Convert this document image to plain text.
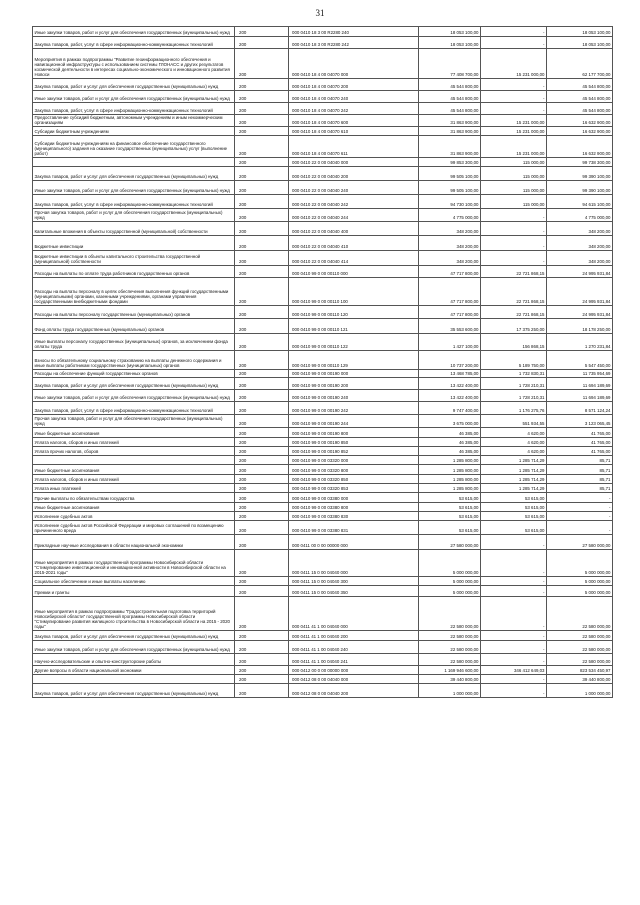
31
Иные закупки товаров, работ и услуг для обеспечения государственных (муниципальных) нужд	200	000 0410 18 3 00 R2280 240	18 053 100,00	-	18 053 100,00
Закупка товаров, работ, услуг в сфере информационно-коммуникационных технологий	200	000 0410 18 3 00 R2280 242	18 053 100,00	-	18 053 100,00
Мероприятия в рамках подпрограммы "Развитие геоинформационного обеспечения и навигационной инфраструктуры с использованием системы ГЛОНАСС и других результатов космической деятельности в интересах социально-экономического и инновационного развития Новоси	200	000 0410 18 4 00 04070 000	77 408 700,00	15 231 000,00	62 177 700,00
Закупка товаров, работ и услуг для обеспечения государственных (муниципальных) нужд	200	000 0410 18 4 00 04070 200	45 544 800,00	-	45 544 800,00
Иные закупки товаров, работ и услуг для обеспечения государственных (муниципальных) нужд	200	000 0410 18 4 00 04070 240	45 544 800,00	-	45 544 800,00
Закупка товаров, работ, услуг в сфере информационно-коммуникационных технологий	200	000 0410 18 4 00 04070 242	45 544 800,00	-	45 544 800,00
Предоставление субсидий бюджетным, автономным учреждениям и иным некоммерческим организациям	200	000 0410 18 4 00 04070 600	31 863 900,00	15 231 000,00	16 632 900,00
Субсидии бюджетным учреждениям	200	000 0410 18 4 00 04070 610	31 863 900,00	15 231 000,00	16 632 900,00
Субсидии бюджетным учреждениям на финансовое обеспечение государственного (муниципального) задания на оказание государственных (муниципальных) услуг (выполнение работ)	200	000 0410 18 4 00 04070 611	31 863 900,00	15 231 000,00	16 632 900,00
	200	000 0410 22 0 00 04040 000	99 853 300,00	115 000,00	99 738 300,00
Закупка товаров, работ и услуг для обеспечения государственных (муниципальных) нужд	200	000 0410 22 0 00 04040 200	99 505 100,00	115 000,00	99 390 100,00
Иные закупки товаров, работ и услуг для обеспечения государственных (муниципальных) нужд	200	000 0410 22 0 00 04040 240	99 505 100,00	115 000,00	99 390 100,00
Закупка товаров, работ, услуг в сфере информационно-коммуникационных технологий	200	000 0410 22 0 00 04040 242	94 730 100,00	115 000,00	94 615 100,00
Прочая закупка товаров, работ и услуг для обеспечения государственных (муниципальных) нужд	200	000 0410 22 0 00 04040 244	4 775 000,00	-	4 775 000,00
Капитальные вложения в объекты государственной (муниципальной) собственности	200	000 0410 22 0 00 04040 400	348 200,00	-	348 200,00
Бюджетные инвестиции	200	000 0410 22 0 00 04040 410	348 200,00	-	348 200,00
Бюджетные инвестиции в объекты капитального строительства государственной (муниципальной) собственности	200	000 0410 22 0 00 04040 414	348 200,00	-	348 200,00
Расходы на выплаты по оплате труда работников государственных органов	200	000 0410 99 0 00 00110 000	47 717 800,00	22 721 868,15	24 995 931,84
Расходы на выплаты персоналу в целях обеспечения выполнения функций государственными (муниципальными) органами, казенными учреждениями, органами управления государственными внебюджетными фондами	200	000 0410 99 0 00 00110 100	47 717 800,00	22 721 868,15	24 995 931,84
Расходы на выплаты персоналу государственных (муниципальных) органов	200	000 0410 99 0 00 00110 120	47 717 800,00	22 721 868,15	24 995 931,84
Фонд оплаты труда государственных (муниципальных) органов	200	000 0410 99 0 00 00110 121	35 553 600,00	17 375 250,00	18 178 250,00
Иные выплаты персоналу государственных (муниципальных) органов, за исключением фонда оплаты труда	200	000 0410 99 0 00 00110 122	1 427 100,00	156 868,15	1 270 231,84
Взносы по обязательному социальному страхованию на выплаты денежного содержания и иные выплаты работникам государственных (муниципальных) органов	200	000 0410 99 0 00 00110 129	10 737 200,00	5 189 750,00	5 547 450,00
Расходы на обеспечение функций государственных органов	200	000 0410 99 0 00 00190 000	13 468 785,00	1 732 830,31	11 735 954,69
Закупка товаров, работ и услуг для обеспечения государственных (муниципальных) нужд	200	000 0410 99 0 00 00190 200	13 422 400,00	1 728 210,31	11 694 189,69
Иные закупки товаров, работ и услуг для обеспечения государственных (муниципальных) нужд	200	000 0410 99 0 00 00190 240	13 422 400,00	1 728 210,31	11 694 189,69
Закупка товаров, работ, услуг в сфере информационно-коммуникационных технологий	200	000 0410 99 0 00 00190 242	9 747 400,00	1 176 275,76	8 571 124,24
Прочая закупка товаров, работ и услуг для обеспечения государственных (муниципальных) нужд	200	000 0410 99 0 00 00190 244	3 675 000,00	551 934,55	3 123 065,45
Иные бюджетные ассигнования	200	000 0410 99 0 00 00190 800	46 385,00	4 620,00	41 765,00
Уплата налогов, сборов и иных платежей	200	000 0410 99 0 00 00190 850	46 385,00	4 620,00	41 765,00
Уплата прочих налогов, сборов	200	000 0410 99 0 00 00190 852	46 385,00	4 620,00	41 765,00
	200	000 0410 99 0 00 03320 000	1 285 800,00	1 285 714,29	85,71
Иные бюджетные ассигнования	200	000 0410 99 0 00 03320 800	1 285 800,00	1 285 714,29	85,71
Уплата налогов, сборов и иных платежей	200	000 0410 99 0 00 03320 850	1 285 800,00	1 285 714,29	85,71
Уплата иных платежей	200	000 0410 99 0 00 03320 853	1 285 800,00	1 285 714,29	85,71
Прочие выплаты по обязательствам государства	200	000 0410 99 0 00 03380 000	53 615,00	53 615,00	-
Иные бюджетные ассигнования	200	000 0410 99 0 00 03380 800	53 615,00	53 615,00	-
Исполнение судебных актов	200	000 0410 99 0 00 03380 830	53 615,00	53 615,00	-
Исполнение судебных актов Российской Федерации и мировых соглашений по возмещению причиненного вреда	200	000 0410 99 0 00 03380 831	53 615,00	53 615,00	-
Прикладные научные исследования в области национальной экономики	200	000 0411 00 0 00 00000 000	27 580 000,00	-	27 580 000,00
Иные мероприятия в рамках государственной программы Новосибирской области "Стимулирование инвестиционной и инновационной активности в Новосибирской области на 2015-2021 годы"	200	000 0411 15 0 00 04040 000	5 000 000,00	-	5 000 000,00
Социальное обеспечение и иные выплаты населению	200	000 0411 15 0 00 04040 300	5 000 000,00	-	5 000 000,00
Премии и гранты	200	000 0411 15 0 00 04040 350	5 000 000,00	-	5 000 000,00
Иные мероприятия в рамках подпрограммы "Градостроительная подготовка территорий Новосибирской области" государственной программы Новосибирской области "Стимулирование развития жилищного строительства в Новосибирской области на 2015 - 2020 годы"	200	000 0411 41 1 00 04040 000	22 580 000,00	-	22 580 000,00
Закупка товаров, работ и услуг для обеспечения государственных (муниципальных) нужд	200	000 0411 41 1 00 04040 200	22 580 000,00	-	22 580 000,00
Иные закупки товаров, работ и услуг для обеспечения государственных (муниципальных) нужд	200	000 0411 41 1 00 04040 240	22 580 000,00	-	22 580 000,00
Научно-исследовательские и опытно-конструкторские работы	200	000 0411 41 1 00 04040 241	22 580 000,00	-	22 580 000,00
Другие вопросы в области национальной экономики	200	000 0412 00 0 00 00000 000	1 169 946 600,00	346 412 649,03	823 534 450,97
	200	000 0412 08 0 00 04040 000	39 440 800,00	-	39 440 800,00
Закупка товаров, работ и услуг для обеспечения государственных (муниципальных) нужд	200	000 0412 08 0 00 04040 200	1 000 000,00	-	1 000 000,00
